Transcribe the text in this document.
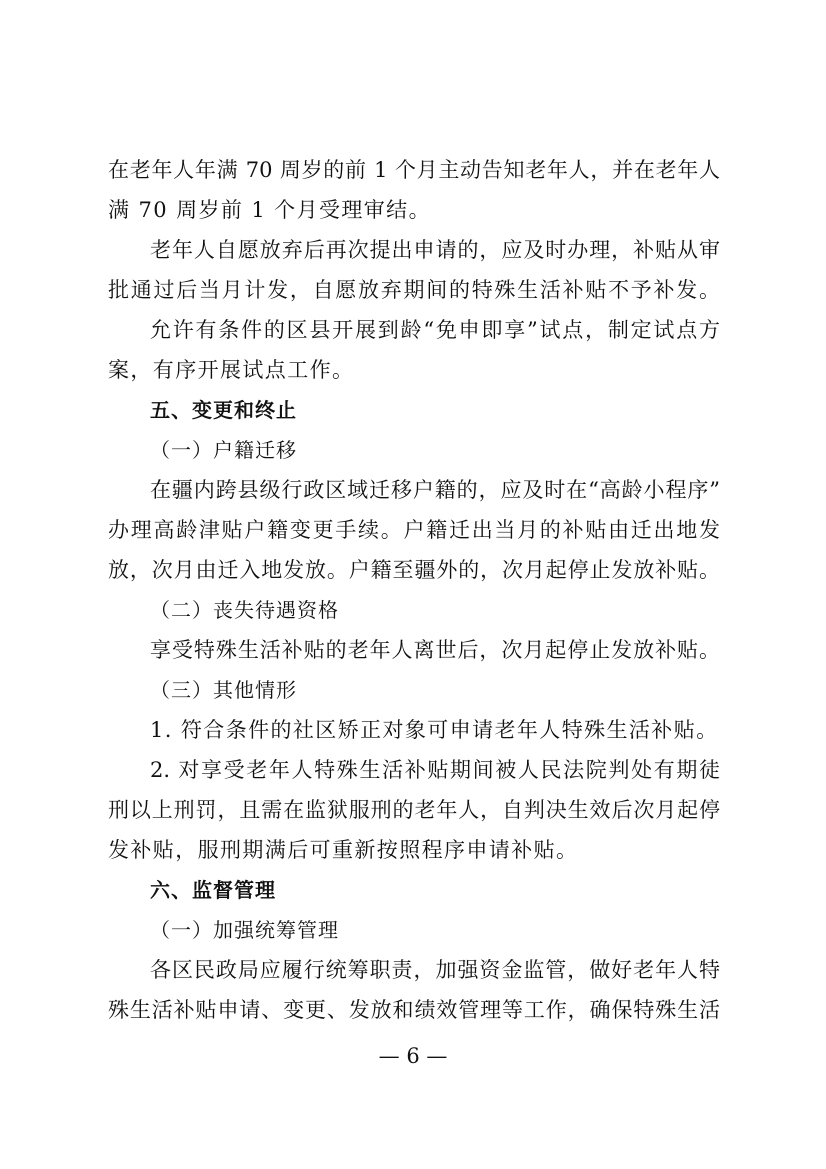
在老年人年满 70 周岁的前 1 个月主动告知老年人，并在老年人
满 70 周岁前 1 个月受理审结。
老年人自愿放弃后再次提出申请的，应及时办理，补贴从审
批通过后当月计发，自愿放弃期间的特殊生活补贴不予补发。
允许有条件的区县开展到龄“免申即享”试点，制定试点方
案，有序开展试点工作。
五、变更和终止
（一）户籍迁移
在疆内跨县级行政区域迁移户籍的，应及时在“高龄小程序”
办理高龄津贴户籍变更手续。户籍迁出当月的补贴由迁出地发
放，次月由迁入地发放。户籍至疆外的，次月起停止发放补贴。
（二）丧失待遇资格
享受特殊生活补贴的老年人离世后，次月起停止发放补贴。
（三）其他情形
1. 符合条件的社区矫正对象可申请老年人特殊生活补贴。
2. 对享受老年人特殊生活补贴期间被人民法院判处有期徒
刑以上刑罚，且需在监狱服刑的老年人，自判决生效后次月起停
发补贴，服刑期满后可重新按照程序申请补贴。
六、监督管理
（一）加强统筹管理
各区民政局应履行统筹职责，加强资金监管，做好老年人特
殊生活补贴申请、变更、发放和绩效管理等工作，确保特殊生活
— 6 —
